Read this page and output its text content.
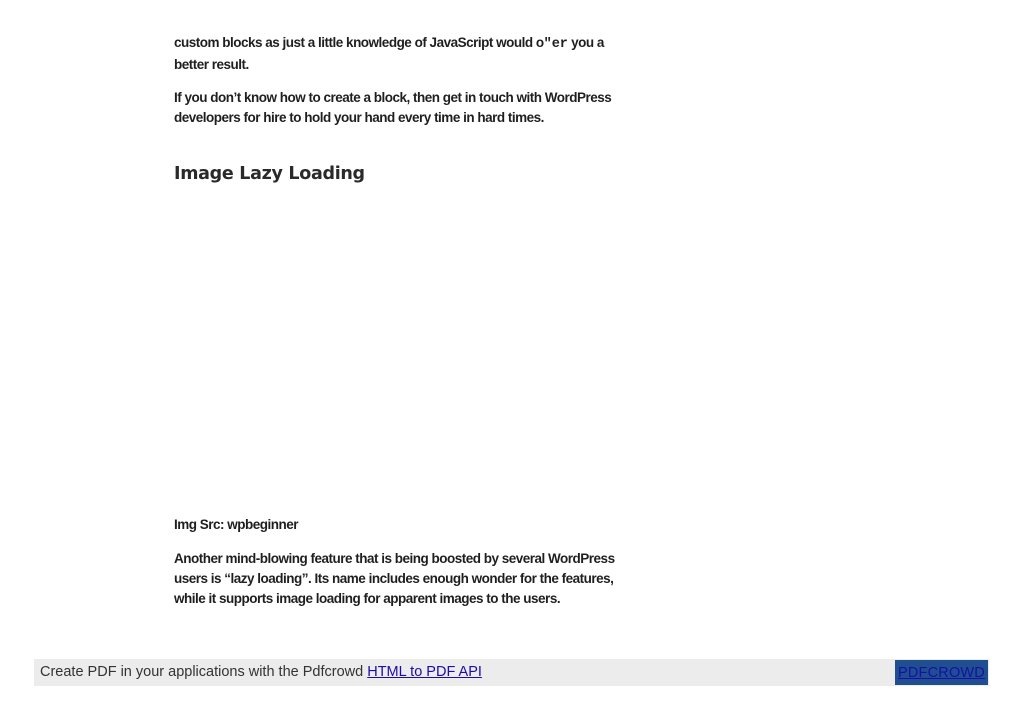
custom blocks as just a little knowledge of JavaScript would o"er you a better result.

If you don’t know how to create a block, then get in touch with WordPress developers for hire to hold your hand every time in hard times.

Image Lazy Loading

Img Src: wpbeginner

Another mind-blowing feature that is being boosted by several WordPress users is “lazy loading”. Its name includes enough wonder for the features, while it supports image loading for apparent images to the users.

Create PDF in your applications with the Pdfcrowd HTML to PDF API	PDFCROWD
